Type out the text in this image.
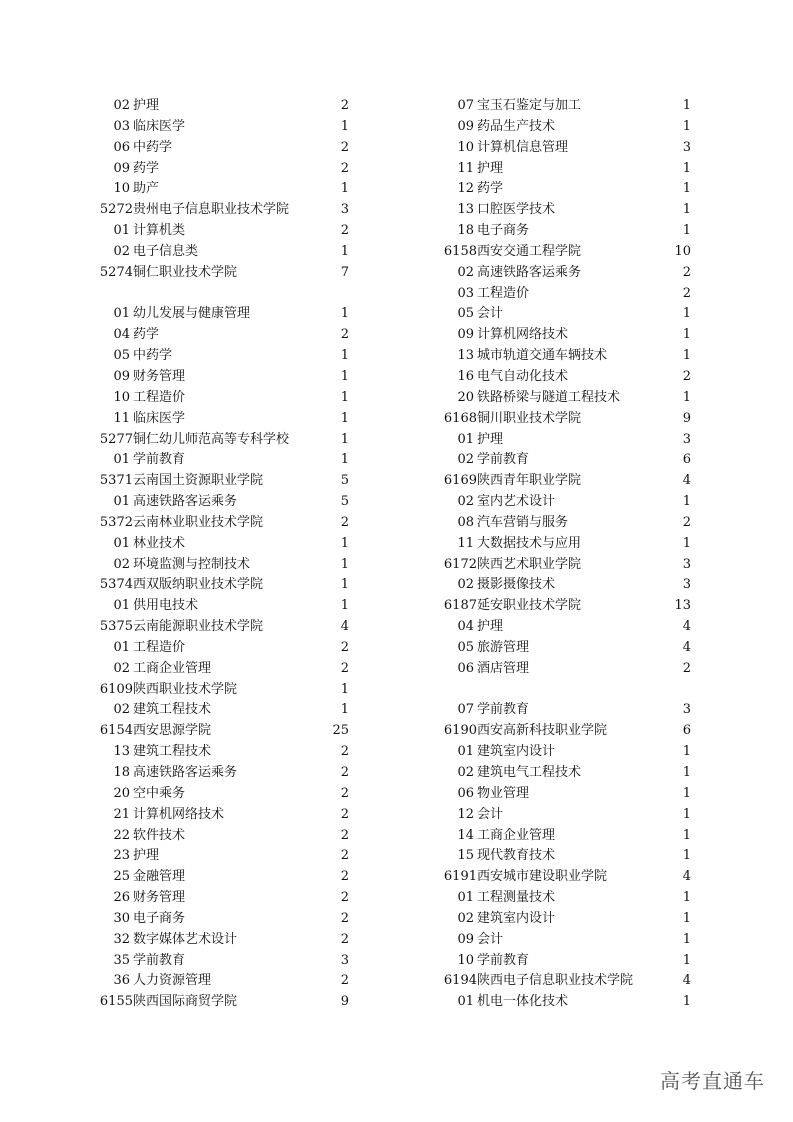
02 护理	2
03 临床医学	1
06 中药学	2
09 药学	2
10 助产	1
5272 贵州电子信息职业技术学院	3
01 计算机类	2
02 电子信息类	1
5274 铜仁职业技术学院	7
01 幼儿发展与健康管理	1
04 药学	2
05 中药学	1
09 财务管理	1
10 工程造价	1
11 临床医学	1
5277 铜仁幼儿师范高等专科学校	1
01 学前教育	1
5371 云南国土资源职业学院	5
01 高速铁路客运乘务	5
5372 云南林业职业技术学院	2
01 林业技术	1
02 环境监测与控制技术	1
5374 西双版纳职业技术学院	1
01 供用电技术	1
5375 云南能源职业技术学院	4
01 工程造价	2
02 工商企业管理	2
6109 陕西职业技术学院	1
02 建筑工程技术	1
6154 西安思源学院	25
13 建筑工程技术	2
18 高速铁路客运乘务	2
20 空中乘务	2
21 计算机网络技术	2
22 软件技术	2
23 护理	2
25 金融管理	2
26 财务管理	2
30 电子商务	2
32 数字媒体艺术设计	2
35 学前教育	3
36 人力资源管理	2
6155 陕西国际商贸学院	9
07 宝玉石鉴定与加工	1
09 药品生产技术	1
10 计算机信息管理	3
11 护理	1
12 药学	1
13 口腔医学技术	1
18 电子商务	1
6158 西安交通工程学院	10
02 高速铁路客运乘务	2
03 工程造价	2
05 会计	1
09 计算机网络技术	1
13 城市轨道交通车辆技术	1
16 电气自动化技术	2
20 铁路桥梁与隧道工程技术	1
6168 铜川职业技术学院	9
01 护理	3
02 学前教育	6
6169 陕西青年职业学院	4
02 室内艺术设计	1
08 汽车营销与服务	2
11 大数据技术与应用	1
6172 陕西艺术职业学院	3
02 摄影摄像技术	3
6187 延安职业技术学院	13
04 护理	4
05 旅游管理	4
06 酒店管理	2
07 学前教育	3
6190 西安高新科技职业学院	6
01 建筑室内设计	1
02 建筑电气工程技术	1
06 物业管理	1
12 会计	1
14 工商企业管理	1
15 现代教育技术	1
6191 西安城市建设职业学院	4
01 工程测量技术	1
02 建筑室内设计	1
09 会计	1
10 学前教育	1
6194 陕西电子信息职业技术学院	4
01 机电一体化技术	1
高考直通车
